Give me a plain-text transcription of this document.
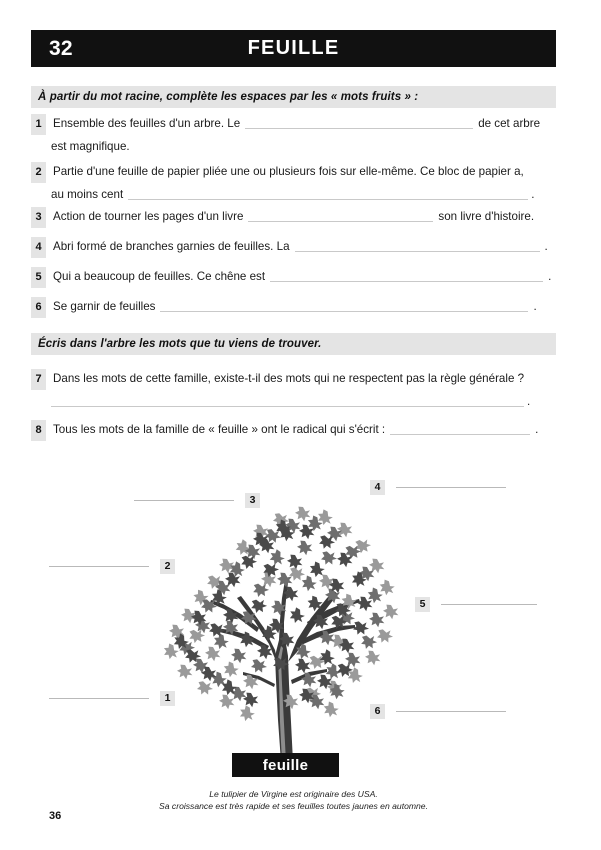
32	FEUILLE
À partir du mot racine, complète les espaces par les « mots fruits » :
Écris dans l'arbre les mots que tu viens de trouver.
1 Ensemble des feuilles d'un arbre. Le	de cet arbre
est magnifique.
2 Partie d'une feuille de papier pliée une ou plusieurs fois sur elle-même. Ce bloc de papier a,
au moins cent	.
3 Action de tourner les pages d'un livre	son livre d'histoire.
4 Abri formé de branches garnies de feuilles. La	.
5 Qui a beaucoup de feuilles. Ce chêne est	.
6 Se garnir de feuilles	.
7 Dans les mots de cette famille, existe-t-il des mots qui ne respectent pas la règle générale ?
.
8 Tous les mots de la famille de « feuille » ont le radical qui s'écrit :	.
1
2
3
4
5
6
feuille
Le tulipier de Virgine est originaire des USA.
Sa croissance est très rapide et ses feuilles toutes jaunes en automne.
36
